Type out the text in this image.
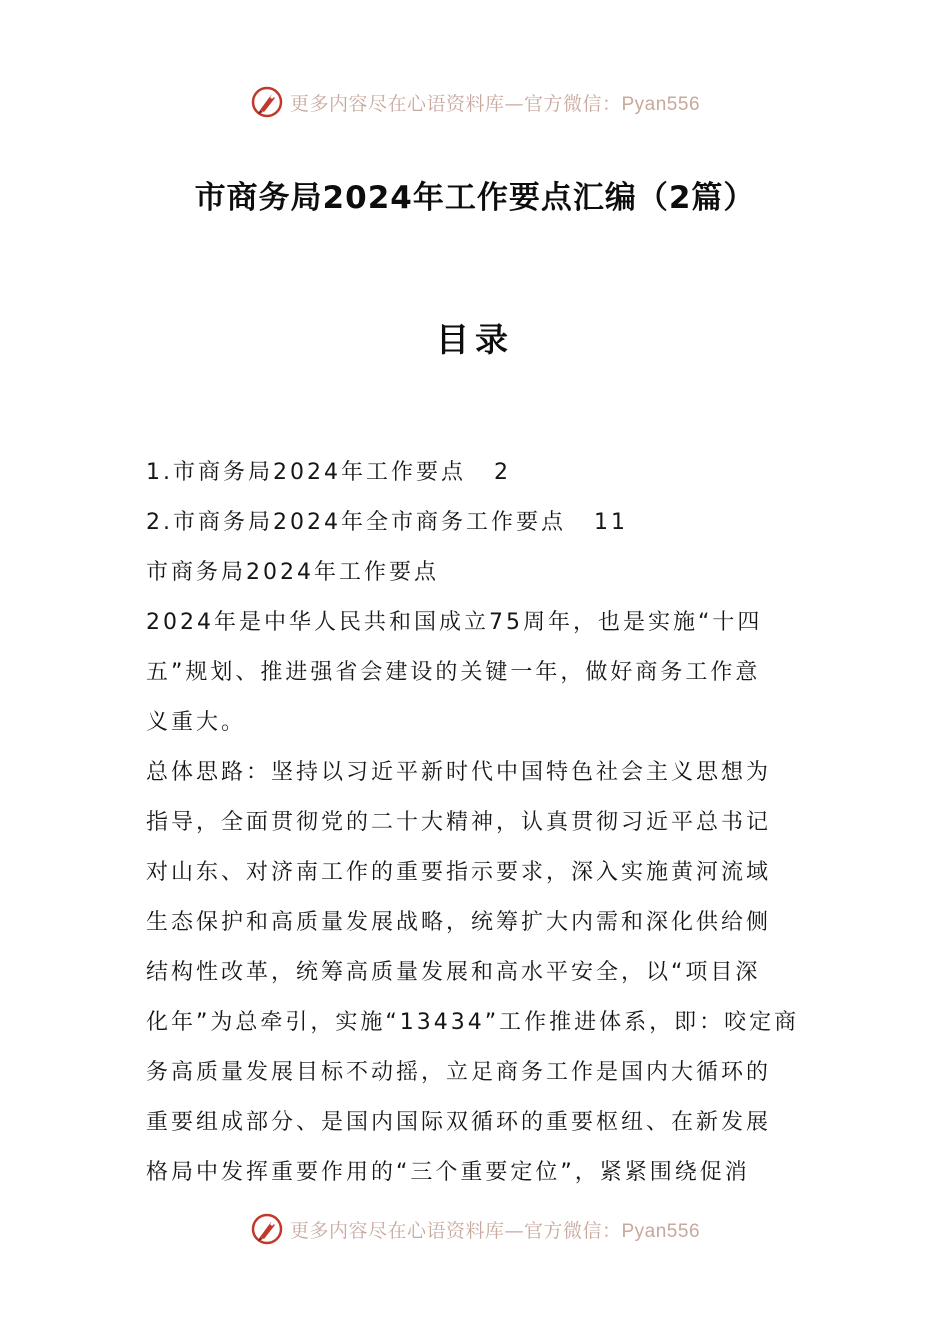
更多内容尽在心语资料库—官方微信：Pyan556
市商务局2024年工作要点汇编（2篇）
目录
1.市商务局2024年工作要点 2
2.市商务局2024年全市商务工作要点 11
市商务局2024年工作要点
2024年是中华人民共和国成立75周年，也是实施“十四
五”规划、推进强省会建设的关键一年，做好商务工作意
义重大。
总体思路：坚持以习近平新时代中国特色社会主义思想为
指导，全面贯彻党的二十大精神，认真贯彻习近平总书记
对山东、对济南工作的重要指示要求，深入实施黄河流域
生态保护和高质量发展战略，统筹扩大内需和深化供给侧
结构性改革，统筹高质量发展和高水平安全，以“项目深
化年”为总牵引，实施“13434”工作推进体系，即：咬定商
务高质量发展目标不动摇，立足商务工作是国内大循环的
重要组成部分、是国内国际双循环的重要枢纽、在新发展
格局中发挥重要作用的“三个重要定位”，紧紧围绕促消
更多内容尽在心语资料库—官方微信：Pyan556
